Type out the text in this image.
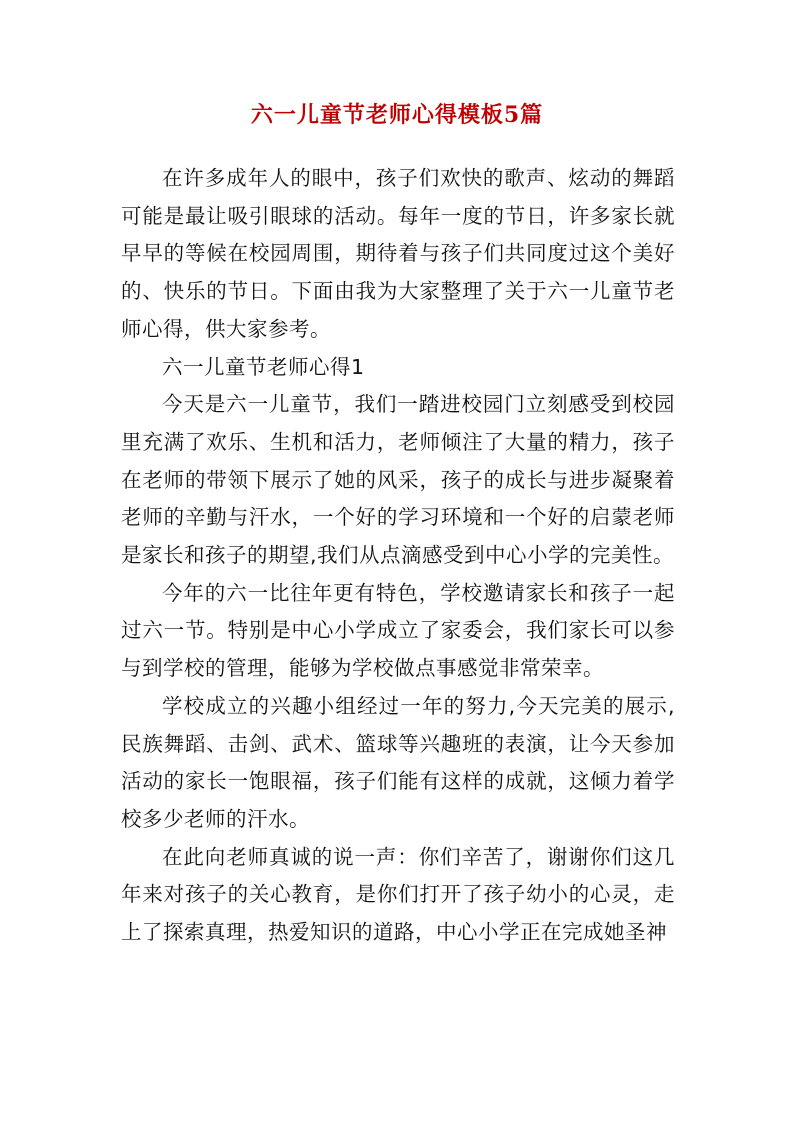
六一儿童节老师心得模板5篇

在许多成年人的眼中，孩子们欢快的歌声、炫动的舞蹈可能是最让吸引眼球的活动。每年一度的节日，许多家长就早早的等候在校园周围，期待着与孩子们共同度过这个美好的、快乐的节日。下面由我为大家整理了关于六一儿童节老师心得，供大家参考。

六一儿童节老师心得1

今天是六一儿童节，我们一踏进校园门立刻感受到校园里充满了欢乐、生机和活力，老师倾注了大量的精力，孩子在老师的带领下展示了她的风采，孩子的成长与进步凝聚着老师的辛勤与汗水，一个好的学习环境和一个好的启蒙老师是家长和孩子的期望,我们从点滴感受到中心小学的完美性。

今年的六一比往年更有特色，学校邀请家长和孩子一起过六一节。特别是中心小学成立了家委会，我们家长可以参与到学校的管理，能够为学校做点事感觉非常荣幸。

学校成立的兴趣小组经过一年的努力,今天完美的展示,民族舞蹈、击剑、武术、篮球等兴趣班的表演，让今天参加活动的家长一饱眼福，孩子们能有这样的成就，这倾力着学校多少老师的汗水。

在此向老师真诚的说一声：你们辛苦了，谢谢你们这几年来对孩子的关心教育，是你们打开了孩子幼小的心灵，走上了探索真理，热爱知识的道路，中心小学正在完成她圣神
